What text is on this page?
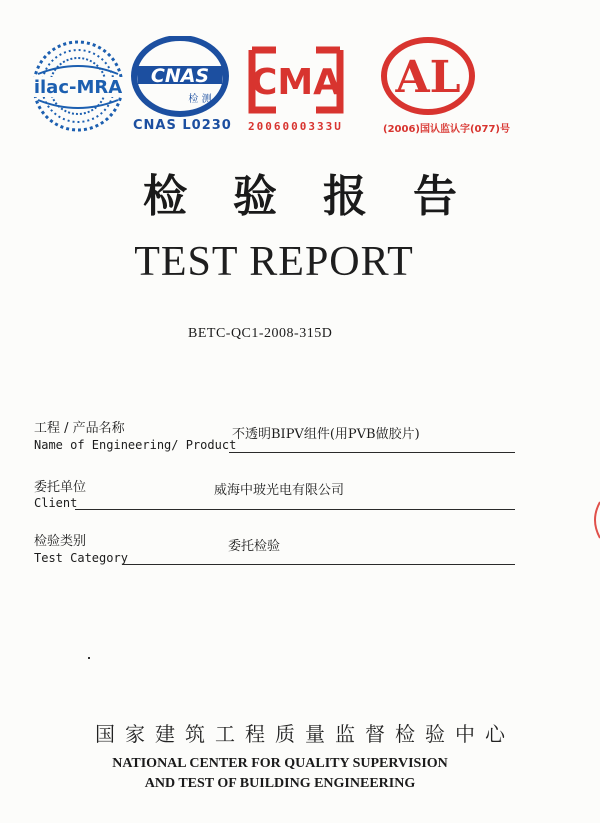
ilac-MRA
CNAS
检 测
CNAS L0230
CMA
2006000333U
AL
(2006)国认监认字(077)号
检验报告
TEST REPORT
BETC-QC1-2008-315D
工程 / 产品名称
Name of Engineering/ Product
不透明BIPV组件(用PVB做胶片)
委托单位
Client
威海中玻光电有限公司
检验类别
Test Category
委托检验
国家建筑工程质量监督检验中心
NATIONAL CENTER FOR QUALITY SUPERVISION
AND TEST OF BUILDING ENGINEERING
